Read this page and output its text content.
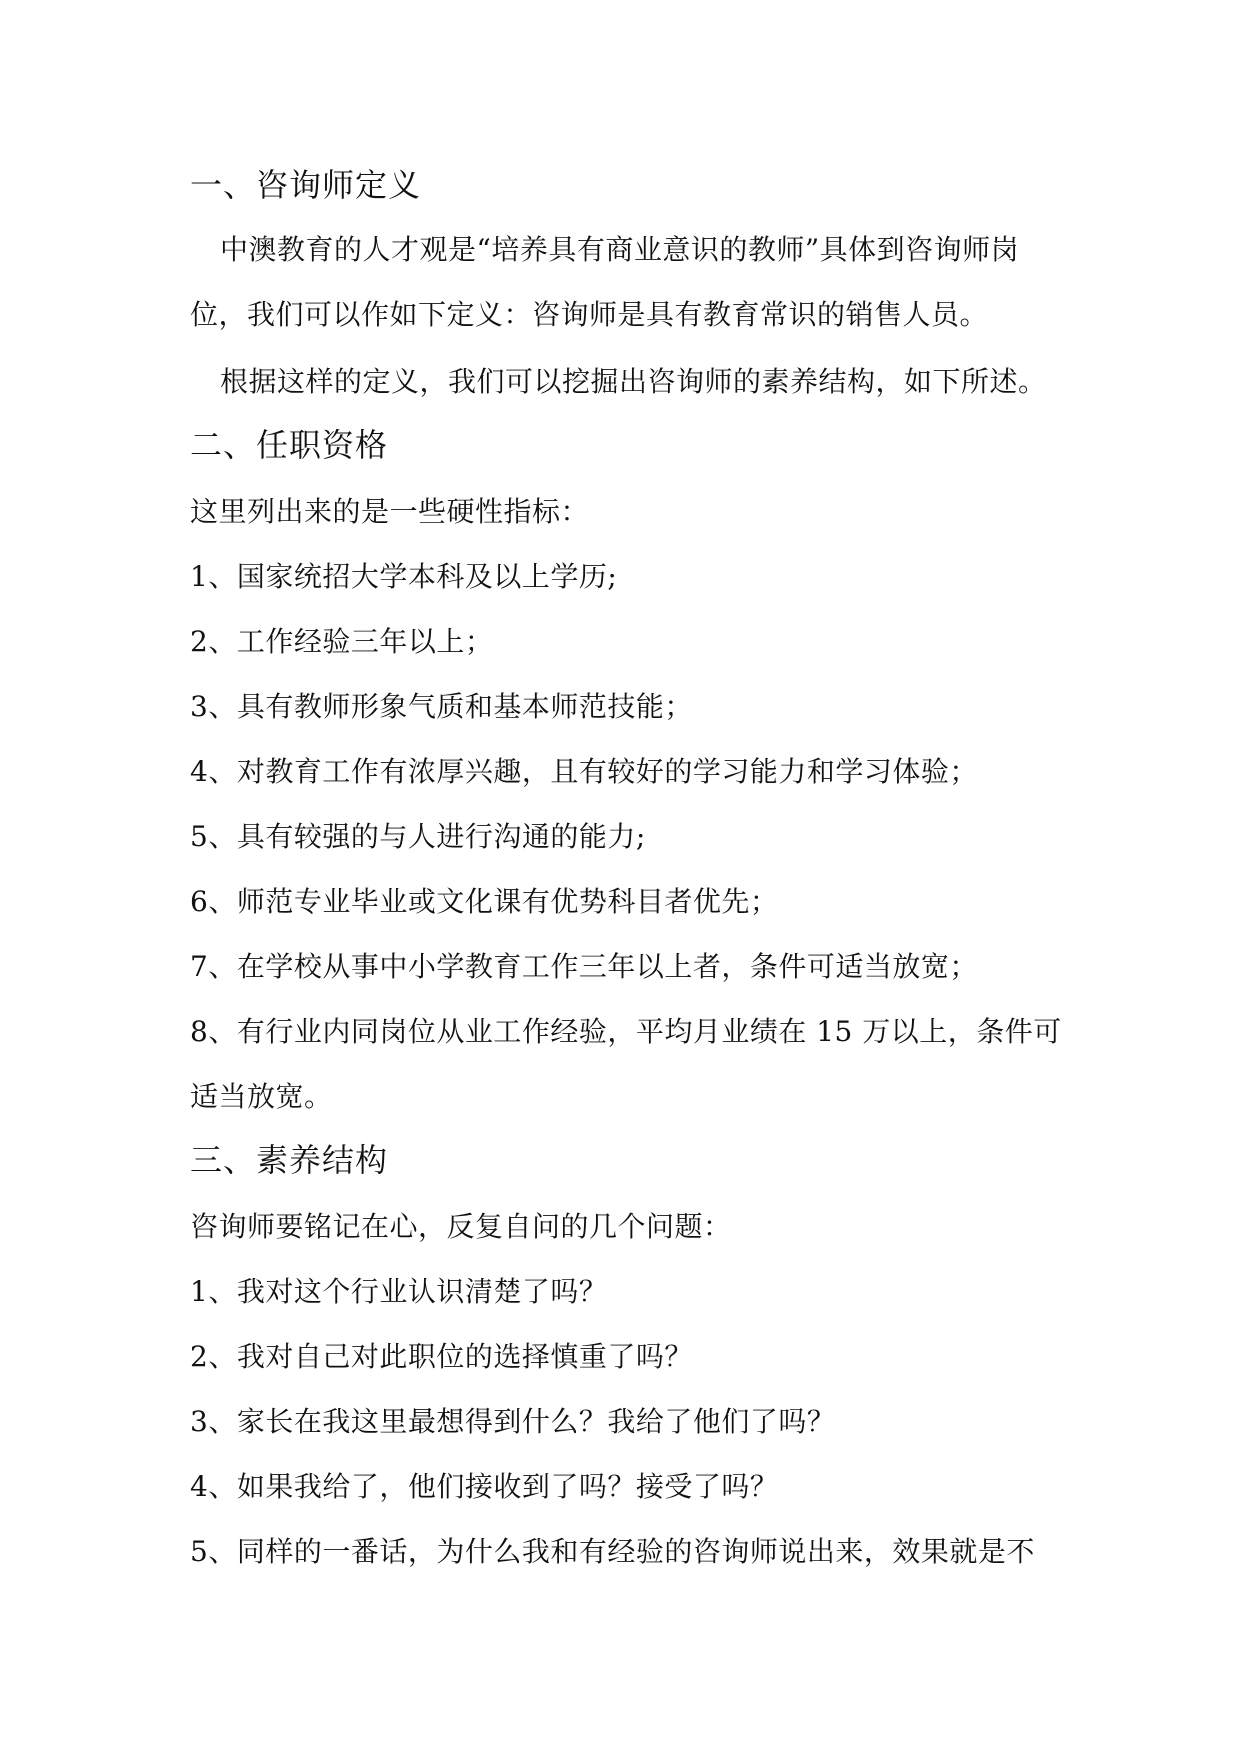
一、咨询师定义
中澳教育的人才观是“培养具有商业意识的教师”具体到咨询师岗
位，我们可以作如下定义：咨询师是具有教育常识的销售人员。
根据这样的定义，我们可以挖掘出咨询师的素养结构，如下所述。
二、任职资格
这里列出来的是一些硬性指标：
1、国家统招大学本科及以上学历;
2、工作经验三年以上；
3、具有教师形象气质和基本师范技能；
4、对教育工作有浓厚兴趣，且有较好的学习能力和学习体验；
5、具有较强的与人进行沟通的能力;
6、师范专业毕业或文化课有优势科目者优先；
7、在学校从事中小学教育工作三年以上者，条件可适当放宽；
8、有行业内同岗位从业工作经验，平均月业绩在 15 万以上，条件可
适当放宽。
三、素养结构
咨询师要铭记在心，反复自问的几个问题：
1、我对这个行业认识清楚了吗？
2、我对自己对此职位的选择慎重了吗？
3、家长在我这里最想得到什么？我给了他们了吗？
4、如果我给了，他们接收到了吗？接受了吗？
5、同样的一番话，为什么我和有经验的咨询师说出来，效果就是不
